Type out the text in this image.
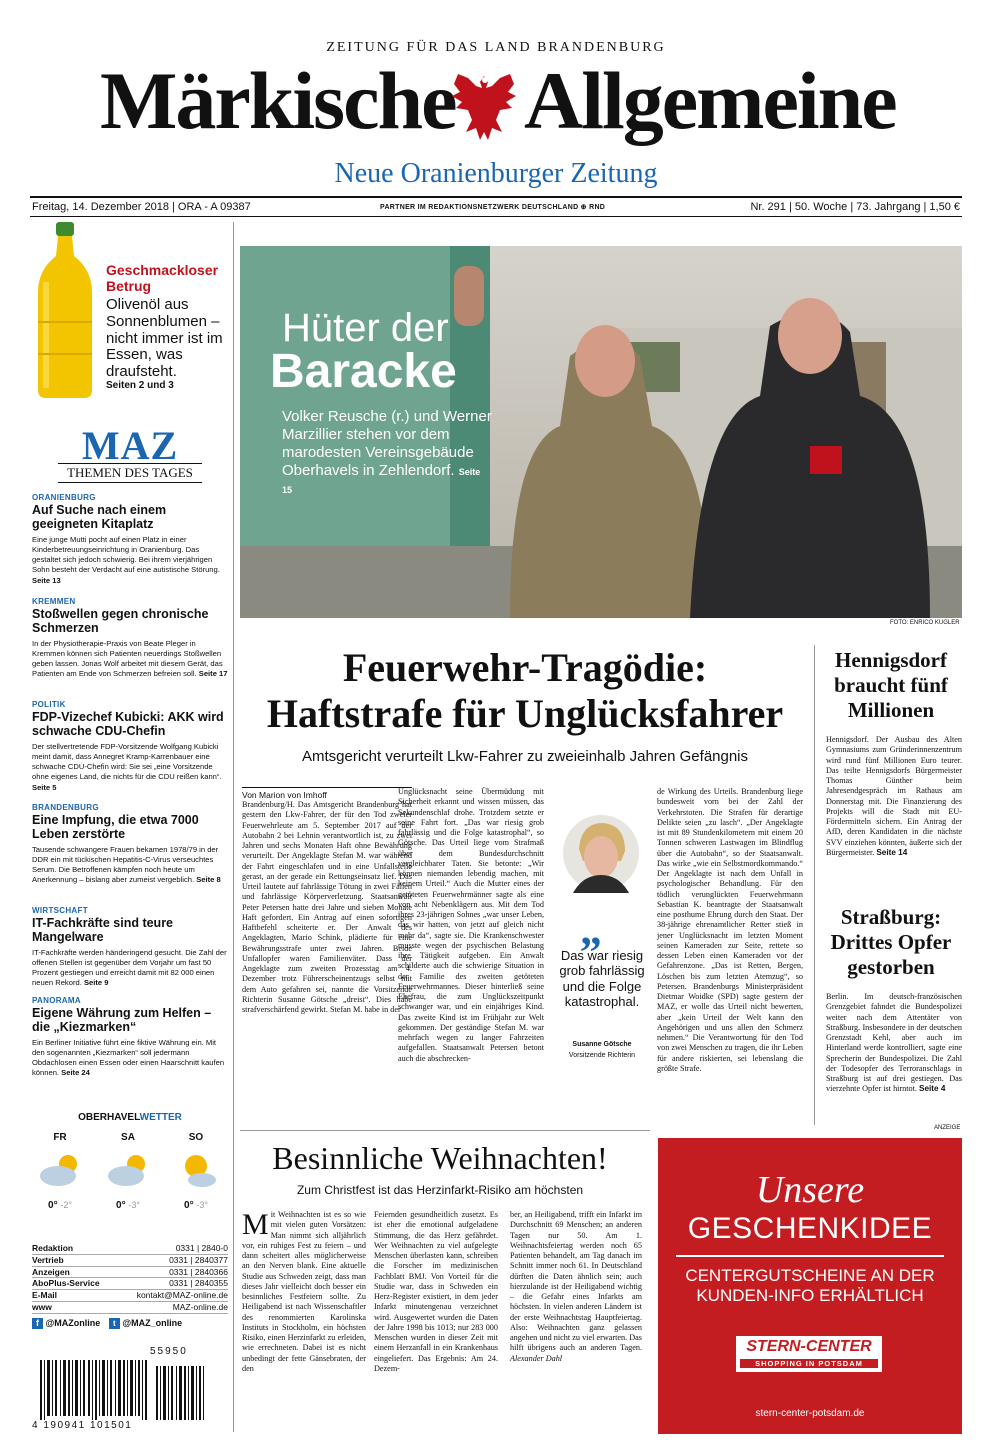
ZEITUNG FÜR DAS LAND BRANDENBURG
Märkische Allgemeine
Neue Oranienburger Zeitung
Freitag, 14. Dezember 2018 | ORA - A 09387	PARTNER IM REDAKTIONSNETZWERK DEUTSCHLAND ⊕ RND	Nr. 291 | 50. Woche | 73. Jahrgang | 1,50 €
Geschmackloser Betrug
Olivenöl aus Sonnenblumen – nicht immer ist im Essen, was draufsteht.
Seiten 2 und 3
MAZ
THEMEN DES TAGES
ORANIENBURG
Auf Suche nach einem geeigneten Kitaplatz
Eine junge Mutti pocht auf einen Platz in einer Kinderbetreuungseinrichtung in Oranienburg. Das gestaltet sich jedoch schwierig. Bei ihrem vierjährigen Sohn besteht der Verdacht auf eine autistische Störung. Seite 13
KREMMEN
Stoßwellen gegen chronische Schmerzen
In der Physiotherapie-Praxis von Beate Pleger in Kremmen können sich Patienten neuerdings Stoßwellen geben lassen. Jonas Wolf arbeitet mit diesem Gerät, das Patienten am Ende von Schmerzen befreien soll. Seite 17
POLITIK
FDP-Vizechef Kubicki: AKK wird schwache CDU-Chefin
Der stellvertretende FDP-Vorsitzende Wolfgang Kubicki meint damit, dass Annegret Kramp-Karrenbauer eine schwache CDU-Chefin wird: Sie sei „eine Vorsitzende ohne eigenes Land, die nichts für die CDU reißen kann“. Seite 5
BRANDENBURG
Eine Impfung, die etwa 7000 Leben zerstörte
Tausende schwangere Frauen bekamen 1978/79 in der DDR ein mit tückischen Hepatitis-C-Virus verseuchtes Serum. Die Betroffenen kämpfen noch heute um Anerkennung – bislang aber zumeist vergeblich. Seite 8
WIRTSCHAFT
IT-Fachkräfte sind teure Mangelware
IT-Fachkräfte werden händeringend gesucht. Die Zahl der offenen Stellen ist gegenüber dem Vorjahr um fast 50 Prozent gestiegen und erreicht damit mit 82 000 einen neuen Rekord. Seite 9
PANORAMA
Eigene Währung zum Helfen – die „Kiezmarken“
Ein Berliner Initiative führt eine fiktive Währung ein. Mit den sogenannten „Kiezmarken“ soll jedermann Obdachlosen einen Essen oder einen Haarschnitt kaufen können. Seite 24
OBERHAVELWETTER
FR	SA	SO
0° -2°	0° -3°	0° -3°
Redaktion	0331 | 2840-0
Vertrieb	0331 | 2840377
Anzeigen	0331 | 2840366
AboPlus-Service	0331 | 2840355
E-Mail	kontakt@MAZ-online.de
www	MAZ-online.de
f @MAZonline t @MAZ_online
55950
4 190941 101501
Hüter der
Baracke
Volker Reusche (r.) und Werner Marzillier stehen vor dem marodesten Vereinsgebäude Oberhavels in Zehlendorf. Seite 15
FOTO: ENRICO KUGLER
Feuerwehr-Tragödie:
Haftstrafe für Unglücksfahrer
Amtsgericht verurteilt Lkw-Fahrer zu zweieinhalb Jahren Gefängnis
Von Marion von Imhoff
Brandenburg/H. Das Amtsgericht Brandenburg hat gestern den Lkw-Fahrer, der für den Tod zweier Feuerwehrleute am 5. September 2017 auf der Autobahn 2 bei Lehnin verantwortlich ist, zu zwei Jahren und sechs Monaten Haft ohne Bewährung verurteilt. Der Angeklagte Stefan M. war während der Fahrt eingeschlafen und in eine Unfallstelle gerast, an der gerade ein Rettungseinsatz lief. Das Urteil lautete auf fahrlässige Tötung in zwei Fällen und fahrlässige Körperverletzung. Staatsanwalt Peter Petersen hatte drei Jahre und sieben Monate Haft gefordert. Ein Antrag auf einen sofortigen Haftbefehl scheiterte er. Der Anwalt des Angeklagten, Mario Schink, plädierte für eine Bewährungsstrafe unter zwei Jahren. Beide Unfallopfer waren Familienväter. Dass der Angeklagte zum zweiten Prozesstag am 4. Dezember trotz Führerscheinentzugs selbst mit dem Auto gefahren sei, nannte die Vorsitzende Richterin Susanne Götsche „dreist“. Dies habe strafverschärfend gewirkt. Stefan M. habe in der
Unglücksnacht seine Übermüdung mit Sicherheit erkannt und wissen müssen, das Sekundenschlaf drohe. Trotzdem setzte er seine Fahrt fort. „Das war riesig grob fahrlässig und die Folge katastrophal“, so Götsche. Das Urteil liege vom Strafmaß über dem Bundesdurchschnitt vergleichbarer Taten. Sie betonte: „Wir können niemanden lebendig machen, mit keinem Urteil.“ Auch die Mutter eines der getöteten Feuerwehrmänner sagte als eine von acht Nebenklägern aus. Mit dem Tod ihres 23-jährigen Sohnes „war unser Leben, das wir hatten, von jetzt auf gleich nicht mehr da“, sagte sie. Die Krankenschwester musste wegen der psychischen Belastung ihre Tätigkeit aufgeben. Ein Anwalt schilderte auch die schwierige Situation in der Familie des zweiten getöteten Feuerwehrmannes. Dieser hinterließ seine Ehefrau, die zum Unglückszeitpunkt schwanger war, und ein einjähriges Kind. Das zweite Kind ist im Frühjahr zur Welt gekommen. Der geständige Stefan M. war mehrfach wegen zu langer Fahrzeiten aufgefallen. Staatsanwalt Petersen betont auch die abschrecken-
„
Das war riesig grob fahrlässig und die Folge katastrophal.
Susanne Götsche
Vorsitzende Richterin
de Wirkung des Urteils. Brandenburg liege bundesweit vorn bei der Zahl der Verkehrstoten. Die Strafen für derartige Delikte seien „zu lasch“. „Der Angeklagte ist mit 89 Stundenkilometern mit einem 20 Tonnen schweren Lastwagen im Blindflug über die Autobahn“, so der Staatsanwalt. Das wirke „wie ein Selbstmordkommando.“ Der Angeklagte ist nach dem Unfall in psychologischer Behandlung. Für den tödlich verunglückten Feuerwehrmann Sebastian K. beantragte der Staatsanwalt eine posthume Ehrung durch den Staat. Der 38-jährige ehrenamtlicher Retter stieß in jener Unglücksnacht im letzten Moment seinen Kameraden zur Seite, rettete so dessen Leben einen Kameraden vor der Gefahrenzone. „Das ist Retten, Bergen, Löschen bis zum letzten Atemzug“, so Petersen. Brandenburgs Ministerpräsident Dietmar Woidke (SPD) sagte gestern der MAZ, er wolle das Urteil nicht bewerten, aber „kein Urteil der Welt kann den Angehörigen und uns allen den Schmerz nehmen.“ Die Verantwortung für den Tod von zwei Menschen zu tragen, die ihr Leben für andere riskierten, sei lebenslang die größte Strafe.
Hennigsdorf braucht fünf Millionen
Hennigsdorf. Der Ausbau des Alten Gymnasiums zum Gründerinnenzentrum wird rund fünf Millionen Euro teurer. Das teilte Hennigsdorfs Bürgermeister Thomas Günther beim Jahresendgespräch im Rathaus am Donnerstag mit. Die Finanzierung des Projekts will die Stadt mit EU-Fördermitteln sichern. Ein Antrag der AfD, deren Kandidaten in die nächste SVV einziehen könnten, äußerte sich der Bürgermeister. Seite 14
Straßburg: Drittes Opfer gestorben
Berlin. Im deutsch-französischen Grenzgebiet fahndet die Bundespolizei weiter nach dem Attentäter von Straßburg. Insbesondere in der deutschen Grenzstadt Kehl, aber auch im Hinterland werde kontrolliert, sagte eine Sprecherin der Bundespolizei. Die Zahl der Todesopfer des Terroranschlags in Straßburg ist auf drei gestiegen. Das vierzehnte Opfer ist hirntot. Seite 4
ANZEIGE
Besinnliche Weihnachten!
Zum Christfest ist das Herzinfarkt-Risiko am höchsten
Mit Weihnachten ist es so wie mit vielen guten Vorsätzen: Man nimmt sich alljährlich vor, ein ruhiges Fest zu feiern – und dann scheitert alles möglicherweise an den Nerven blank. Eine aktuelle Studie aus Schweden zeigt, dass man dieses Jahr vielleicht doch besser ein besinnliches Festfeiern sollte. Zu Heiligabend ist nach Wissenschaftler des renommierten Karolinska Instituts in Stockholm, ein höchsten Risiko, einen Herzinfarkt zu erleiden, wie errechneten. Dabei ist es nicht unbedingt der fette Gänsebraten, der den
Feiernden gesundheitlich zusetzt. Es ist eher die emotional aufgeladene Stimmung, die das Herz gefährdet. Wer Weihnachten zu viel aufgelegte Menschen überlasten kann, schreiben die Forscher im medizinischen Fachblatt BMJ. Von Vorteil für die Studie war, dass in Schweden ein Herz-Register existiert, in dem jeder Infarkt minutengenau verzeichnet wird. Ausgewertet wurden die Daten der Jahre 1998 bis 1013; nur 283 000 Menschen wurden in dieser Zeit mit einem Herzanfall in ein Krankenhaus eingeliefert. Das Ergebnis: Am 24. Dezem-
ber, an Heiligabend, trifft ein Infarkt im Durchschnitt 69 Menschen; an anderen Tagen nur 50. Am 1. Weihnachtsfeiertag werden noch 65 Patienten behandelt, am Tag danach im Schnitt immer noch 61. In Deutschland dürften die Daten ähnlich sein; auch hierzulande ist der Heiligabend wichtig – die Gefahr eines Infarkts am höchsten. In vielen anderen Ländern ist der erste Weihnachtstag Hauptfeiertag. Also: Weihnachten ganz gelassen angehen und nicht zu viel erwarten. Das hilft übrigens auch an anderen Tagen. Alexander Dahl
Unsere
GESCHENKIDEE
CENTERGUTSCHEINE AN DER KUNDEN-INFO ERHÄLTLICH
STERN-CENTER
SHOPPING IN POTSDAM
stern-center-potsdam.de
